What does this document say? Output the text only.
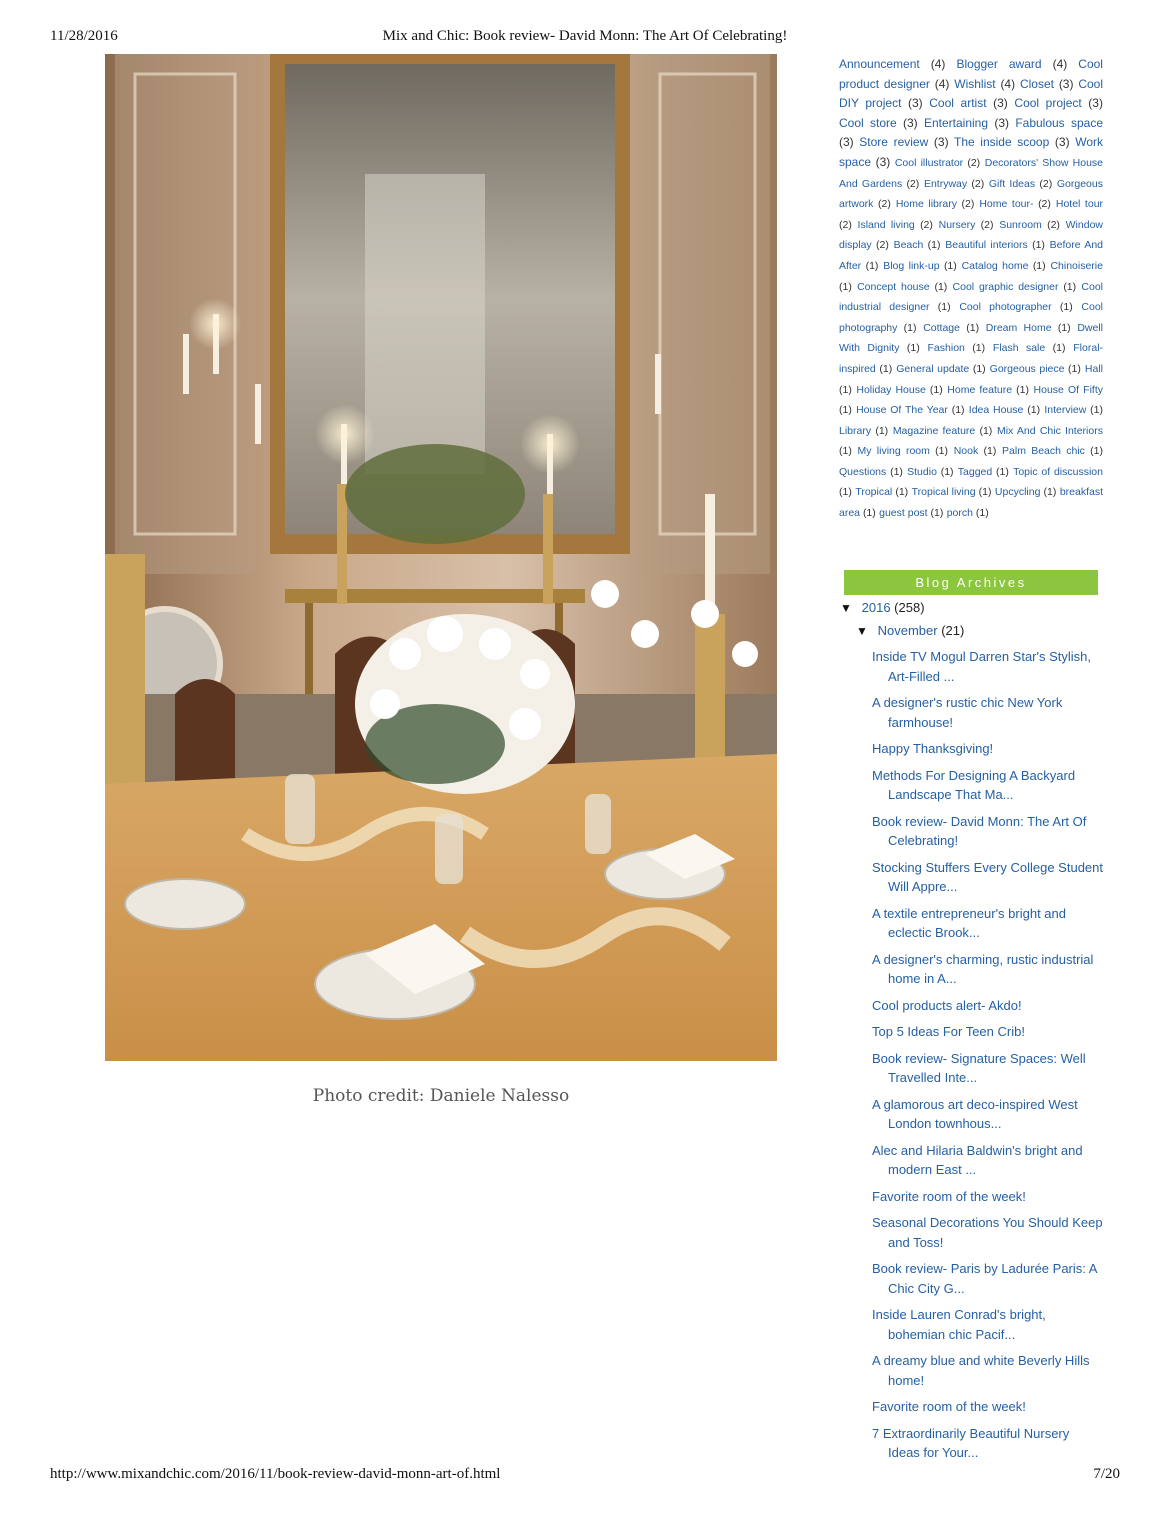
11/28/2016	Mix and Chic: Book review- David Monn: The Art Of Celebrating!
Photo credit: Daniele Nalesso
Announcement (4) Blogger award (4) Cool product designer (4) Wishlist (4) Closet (3) Cool DIY project (3) Cool artist (3) Cool project (3) Cool store (3) Entertaining (3) Fabulous space (3) Store review (3) The inside scoop (3) Work space (3) Cool illustrator (2) Decorators' Show House And Gardens (2) Entryway (2) Gift Ideas (2) Gorgeous artwork (2) Home library (2) Home tour- (2) Hotel tour (2) Island living (2) Nursery (2) Sunroom (2) Window display (2) Beach (1) Beautiful interiors (1) Before And After (1) Blog link-up (1) Catalog home (1) Chinoiserie (1) Concept house (1) Cool graphic designer (1) Cool industrial designer (1) Cool photographer (1) Cool photography (1) Cottage (1) Dream Home (1) Dwell With Dignity (1) Fashion (1) Flash sale (1) Floral-inspired (1) General update (1) Gorgeous piece (1) Hall (1) Holiday House (1) Home feature (1) House Of Fifty (1) House Of The Year (1) Idea House (1) Interview (1) Library (1) Magazine feature (1) Mix And Chic Interiors (1) My living room (1) Nook (1) Palm Beach chic (1) Questions (1) Studio (1) Tagged (1) Topic of discussion (1) Tropical (1) Tropical living (1) Upcycling (1) breakfast area (1) guest post (1) porch (1)
Blog Archives
▼ 2016 (258)
▼ November (21)
Inside TV Mogul Darren Star's Stylish, Art-Filled ...
A designer's rustic chic New York farmhouse!
Happy Thanksgiving!
Methods For Designing A Backyard Landscape That Ma...
Book review- David Monn: The Art Of Celebrating!
Stocking Stuffers Every College Student Will Appre...
A textile entrepreneur's bright and eclectic Brook...
A designer's charming, rustic industrial home in A...
Cool products alert- Akdo!
Top 5 Ideas For Teen Crib!
Book review- Signature Spaces: Well Travelled Inte...
A glamorous art deco-inspired West London townhous...
Alec and Hilaria Baldwin's bright and modern East ...
Favorite room of the week!
Seasonal Decorations You Should Keep and Toss!
Book review- Paris by Ladurée Paris: A Chic City G...
Inside Lauren Conrad's bright, bohemian chic Pacif...
A dreamy blue and white Beverly Hills home!
Favorite room of the week!
7 Extraordinarily Beautiful Nursery Ideas for Your...
http://www.mixandchic.com/2016/11/book-review-david-monn-art-of.html	7/20
